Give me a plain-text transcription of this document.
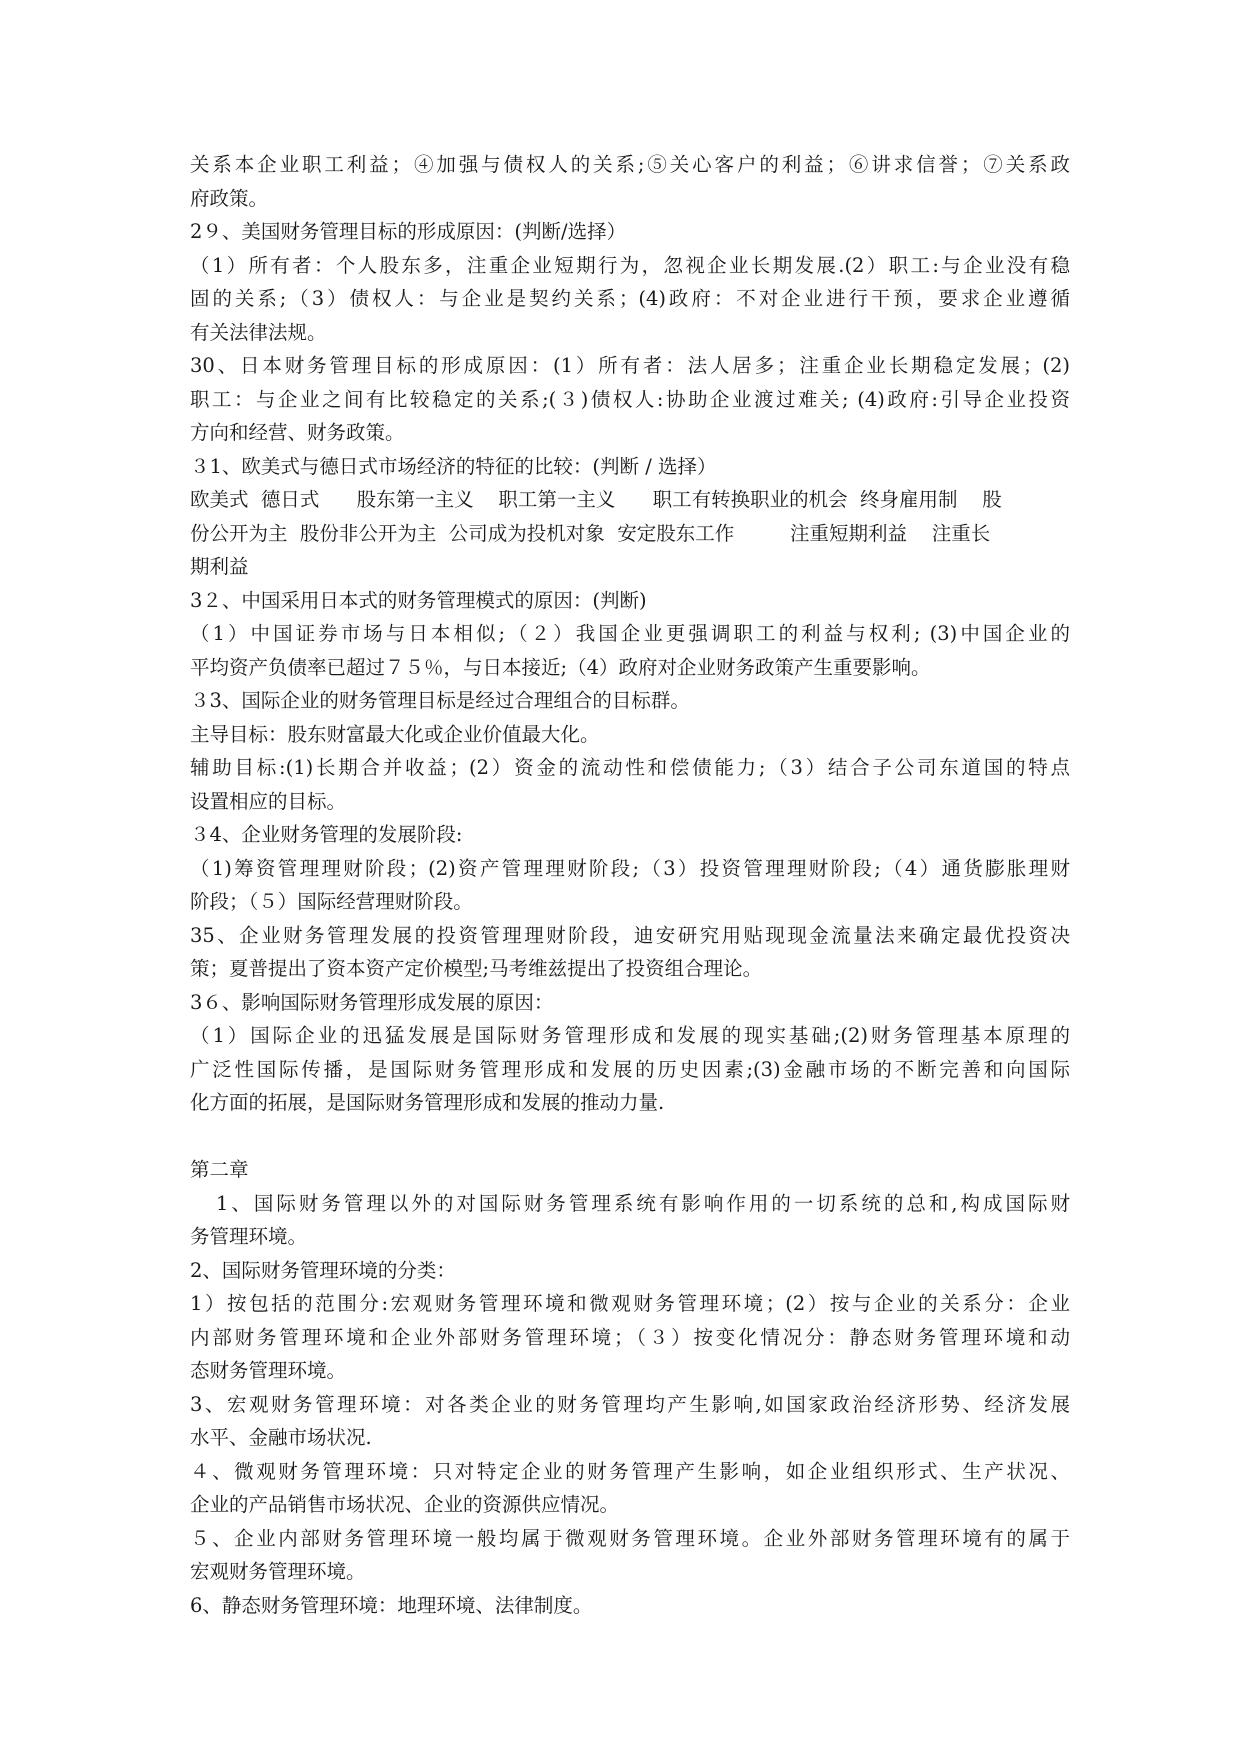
关系本企业职工利益；④加强与债权人的关系;⑤关心客户的利益；⑥讲求信誉；⑦关系政
府政策。
2９、美国财务管理目标的形成原因：(判断/选择）
（1）所有者：个人股东多，注重企业短期行为，忽视企业长期发展.(2）职工:与企业没有稳
固的关系;（3）债权人：与企业是契约关系；(4)政府：不对企业进行干预，要求企业遵循
有关法律法规。
30、日本财务管理目标的形成原因：(1）所有者：法人居多；注重企业长期稳定发展；(2)
职工：与企业之间有比较稳定的关系;(３)债权人:协助企业渡过难关; (4)政府:引导企业投资
方向和经营、财务政策。
３1、欧美式与德日式市场经济的特征的比较：(判断 / 选择）
欧美式  德日式      股东第一主义    职工第一主义      职工有转换职业的机会  终身雇用制    股
份公开为主  股份非公开为主  公司成为投机对象  安定股东工作         注重短期利益    注重长
期利益
3２、中国采用日本式的财务管理模式的原因：(判断)
（1）中国证券市场与日本相似;（２）我国企业更强调职工的利益与权利; (3)中国企业的
平均资产负债率已超过７５％，与日本接近;（4）政府对企业财务政策产生重要影响。
３3、国际企业的财务管理目标是经过合理组合的目标群。
主导目标：股东财富最大化或企业价值最大化。
辅助目标:(1)长期合并收益；(2）资金的流动性和偿债能力;（3）结合子公司东道国的特点
设置相应的目标。
３4、企业财务管理的发展阶段:
（1)筹资管理理财阶段；(2)资产管理理财阶段;（3）投资管理理财阶段;（4）通货膨胀理财
阶段；（５）国际经营理财阶段。
35、企业财务管理发展的投资管理理财阶段，迪安研究用贴现现金流量法来确定最优投资决
策；夏普提出了资本资产定价模型;马考维兹提出了投资组合理论。
3６、影响国际财务管理形成发展的原因：
（1）国际企业的迅猛发展是国际财务管理形成和发展的现实基础;(2)财务管理基本原理的
广泛性国际传播，是国际财务管理形成和发展的历史因素;(3)金融市场的不断完善和向国际
化方面的拓展，是国际财务管理形成和发展的推动力量.
第二章
1、国际财务管理以外的对国际财务管理系统有影响作用的一切系统的总和,构成国际财
务管理环境。
2、国际财务管理环境的分类：
1）按包括的范围分:宏观财务管理环境和微观财务管理环境；(2）按与企业的关系分：企业
内部财务管理环境和企业外部财务管理环境；（３）按变化情况分：静态财务管理环境和动
态财务管理环境。
3、宏观财务管理环境：对各类企业的财务管理均产生影响,如国家政治经济形势、经济发展
水平、金融市场状况.
４、微观财务管理环境：只对特定企业的财务管理产生影响，如企业组织形式、生产状况、
企业的产品销售市场状况、企业的资源供应情况。
５、企业内部财务管理环境一般均属于微观财务管理环境。企业外部财务管理环境有的属于
宏观财务管理环境。
6、静态财务管理环境：地理环境、法律制度。
